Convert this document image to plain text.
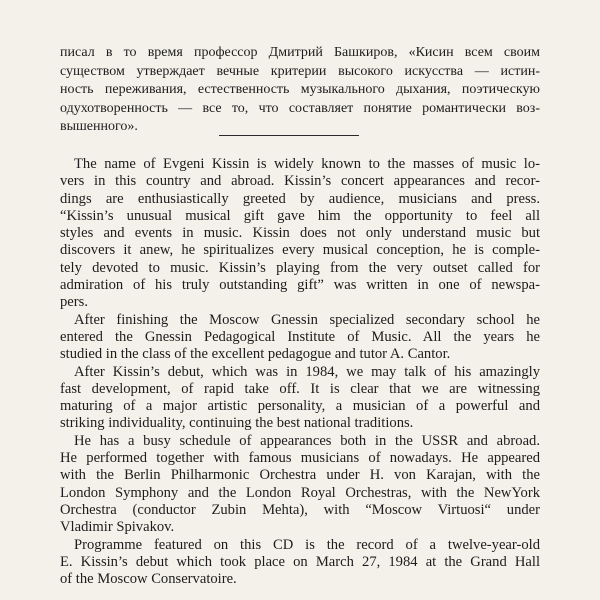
писал в то время профессор Дмитрий Башкиров, «Кисин всем своим
существом утверждает вечные критерии высокого искусства — истин-
ность переживания, естественность музыкального дыхания, поэтическую
одухотворенность — все то, что составляет понятие романтически воз-
вышенного».
The name of Evgeni Kissin is widely known to the masses of music lo-
vers in this country and abroad. Kissin’s concert appearances and recor-
dings are enthusiastically greeted by audience, musicians and press.
“Kissin’s unusual musical gift gave him the opportunity to feel all
styles and events in music. Kissin does not only understand music but
discovers it anew, he spiritualizes every musical conception, he is comple-
tely devoted to music. Kissin’s playing from the very outset called for
admiration of his truly outstanding gift” was written in one of newspa-
pers.
After finishing the Moscow Gnessin specialized secondary school he
entered the Gnessin Pedagogical Institute of Music. All the years he
studied in the class of the excellent pedagogue and tutor A. Cantor.
After Kissin’s debut, which was in 1984, we may talk of his amazingly
fast development, of rapid take off. It is clear that we are witnessing
maturing of a major artistic personality, a musician of a powerful and
striking individuality, continuing the best national traditions.
He has a busy schedule of appearances both in the USSR and abroad.
He performed together with famous musicians of nowadays. He appeared
with the Berlin Philharmonic Orchestra under H. von Karajan, with the
London Symphony and the London Royal Orchestras, with the NewYork
Orchestra (conductor Zubin Mehta), with “Moscow Virtuosi“ under
Vladimir Spivakov.
Programme featured on this CD is the record of a twelve-year-old
E. Kissin’s debut which took place on March 27, 1984 at the Grand Hall
of the Moscow Conservatoire.
